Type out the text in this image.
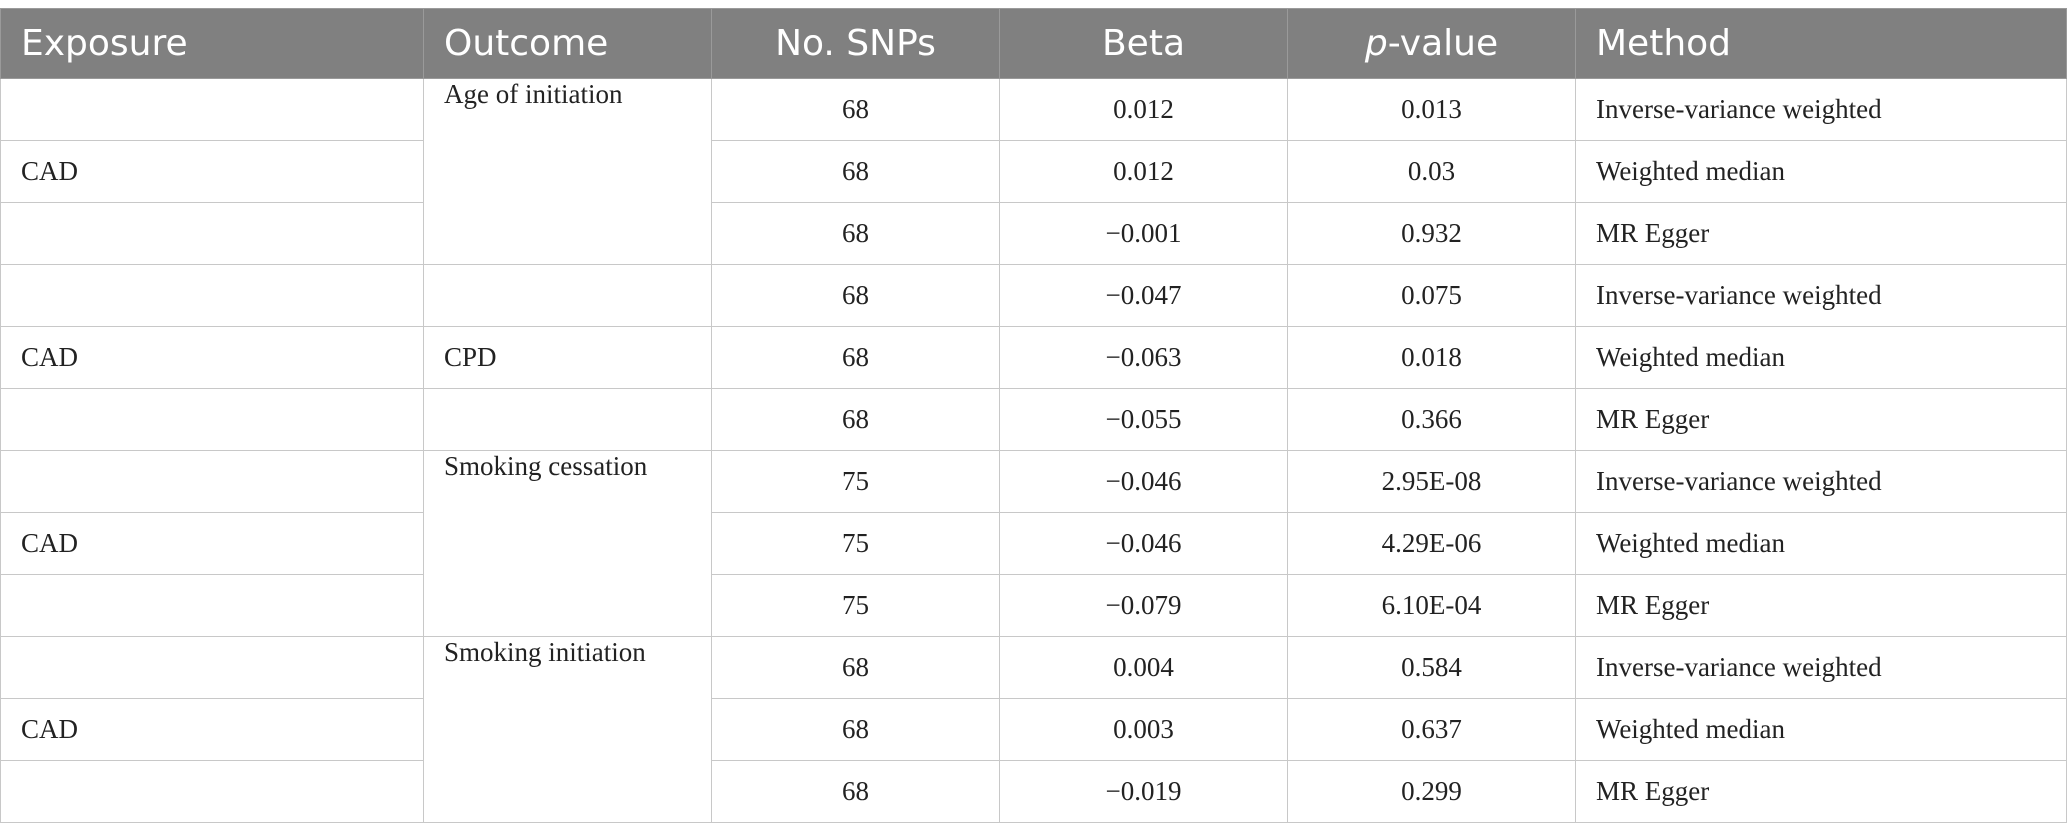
Exposure	Outcome	No. SNPs	Beta	p-value	Method
	Age of initiation	68	0.012	0.013	Inverse-variance weighted
CAD		68	0.012	0.03	Weighted median
		68	−0.001	0.932	MR Egger
		68	−0.047	0.075	Inverse-variance weighted
CAD	CPD	68	−0.063	0.018	Weighted median
		68	−0.055	0.366	MR Egger
	Smoking cessation	75	−0.046	2.95E-08	Inverse-variance weighted
CAD		75	−0.046	4.29E-06	Weighted median
		75	−0.079	6.10E-04	MR Egger
	Smoking initiation	68	0.004	0.584	Inverse-variance weighted
CAD		68	0.003	0.637	Weighted median
		68	−0.019	0.299	MR Egger
